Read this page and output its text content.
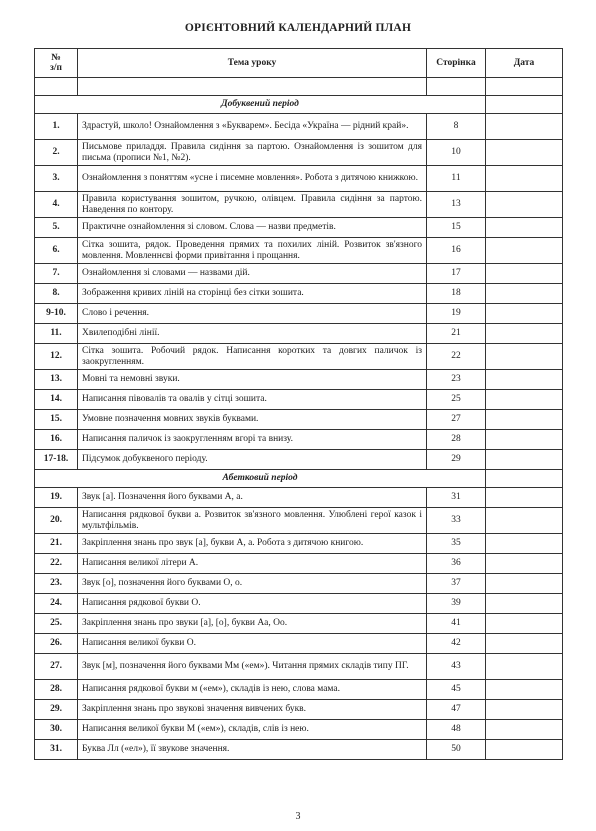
ОРІЄНТОВНИЙ КАЛЕНДАРНИЙ ПЛАН
№
з/п	Тема уроку	Сторінка	Дата

Добуквений період			
1.	Здрастуй, школо! Ознайомлення з «Букварем». Бесіда «Україна — рідний край».	8	
2.	Письмове приладдя. Правила сидіння за партою. Ознайомлення із зошитом для письма (прописи №1, №2).	10	
3.	Ознайомлення з поняттям «усне і писемне мовлення». Робота з дитячою книжкою.	11	
4.	Правила користування зошитом, ручкою, олівцем. Правила сидіння за партою. Наведення по контору.	13	
5.	Практичне ознайомлення зі словом. Слова — назви предметів.	15	
6.	Сітка зошита, рядок. Проведення прямих та похилих ліній. Розвиток зв'язного мовлення. Мовленнєві форми привітання і прощання.	16	
7.	Ознайомлення зі словами — назвами дій.	17	
8.	Зображення кривих ліній на сторінці без сітки зошита.	18	
9-10.	Слово і речення.	19	
11.	Хвилеподібні лінії.	21	
12.	Сітка зошита. Робочий рядок. Написання коротких та довгих паличок із заокругленням.	22	
13.	Мовні та немовні звуки.	23	
14.	Написання півовалів та овалів у сітці зошита.	25	
15.	Умовне позначення мовних звуків буквами.	27	
16.	Написання паличок із заокругленням вгорі та внизу.	28	
17-18.	Підсумок добуквеного періоду.	29	
Абетковий період			
19.	Звук [а]. Позначення його буквами А, а.	31	
20.	Написання рядкової букви а. Розвиток зв'язного мовлення. Улюблені герої казок і мультфільмів.	33	
21.	Закріплення знань про звук [а], букви А, а. Робота з дитячою книгою.	35	
22.	Написання великої літери А.	36	
23.	Звук [о], позначення його буквами О, о.	37	
24.	Написання рядкової букви О.	39	
25.	Закріплення знань про звуки [а], [о], букви Аа, Оо.	41	
26.	Написання великої букви О.	42	
27.	Звук [м], позначення його буквами Мм («ем»). Читання прямих складів типу ПГ.	43	
28.	Написання рядкової букви м («ем»), складів із нею, слова мама.	45	
29.	Закріплення знань про звукові значення вивчених букв.	47	
30.	Написання великої букви М («ем»), складів, слів із нею.	48	
31.	Буква Лл («ел»), її звукове значення.	50	
3
